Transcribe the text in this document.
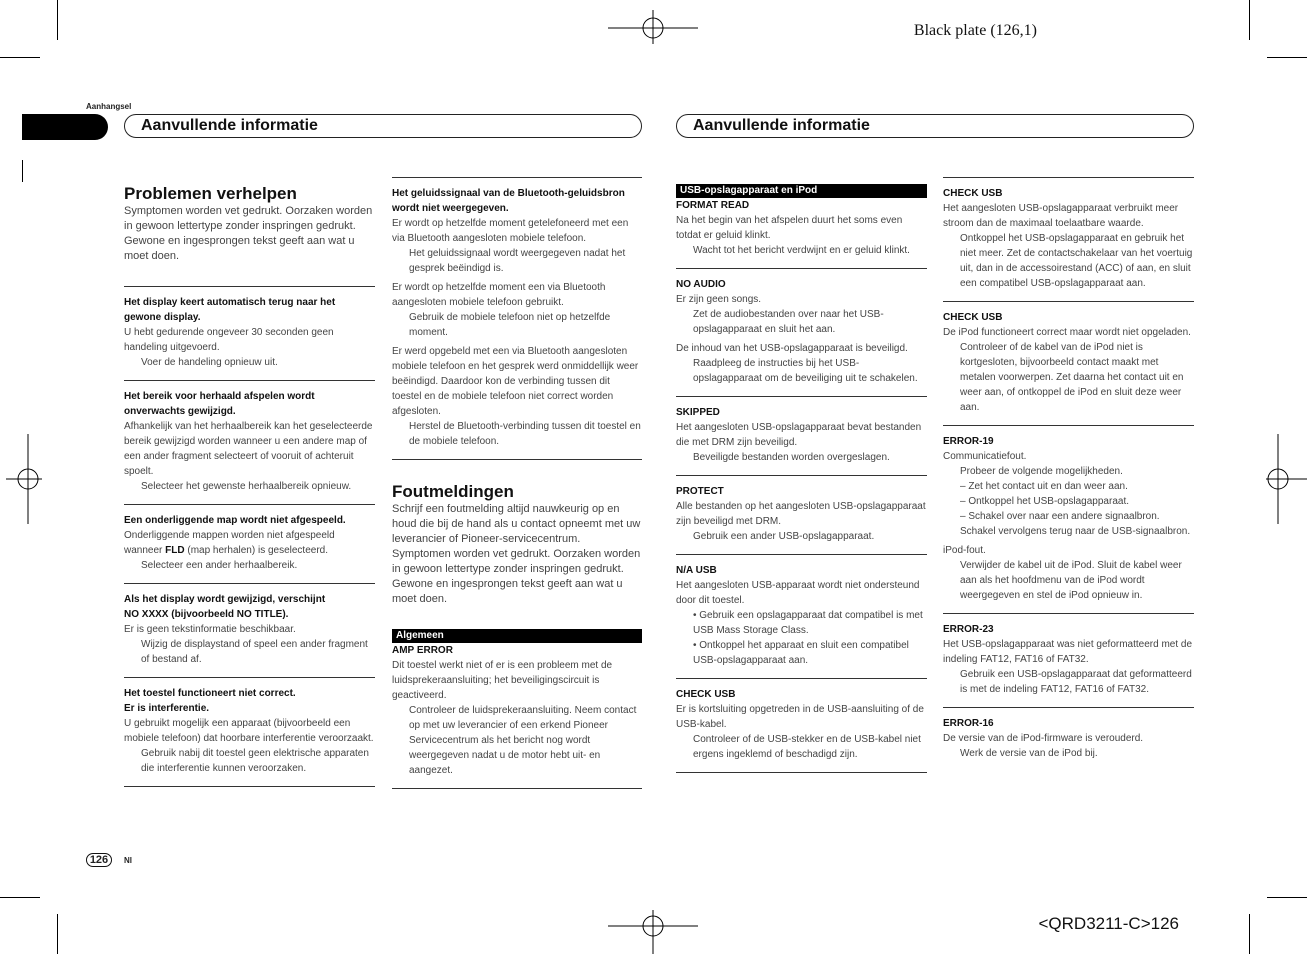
Black plate (126,1)
Aanhangsel
Aanvullende informatie	Aanvullende informatie

Problemen verhelpen

Symptomen worden vet gedrukt. Oorzaken worden in gewoon lettertype zonder inspringen gedrukt. Gewone en ingesprongen tekst geeft aan wat u moet doen.

Het display keert automatisch terug naar het gewone display.

U hebt gedurende ongeveer 30 seconden geen handeling uitgevoerd.

Voer de handeling opnieuw uit.

Het bereik voor herhaald afspelen wordt onverwachts gewijzigd.

Afhankelijk van het herhaalbereik kan het geselecteerde bereik gewijzigd worden wanneer u een andere map of een ander fragment selecteert of vooruit of achteruit spoelt.

Selecteer het gewenste herhaalbereik opnieuw.

Een onderliggende map wordt niet afgespeeld.

Onderliggende mappen worden niet afgespeeld wanneer FLD (map herhalen) is geselecteerd.

Selecteer een ander herhaalbereik.

Als het display wordt gewijzigd, verschijnt

NO XXXX (bijvoorbeeld NO TITLE).

Er is geen tekstinformatie beschikbaar.

Wijzig de displaystand of speel een ander fragment of bestand af.

Het toestel functioneert niet correct.

Er is interferentie.

U gebruikt mogelijk een apparaat (bijvoorbeeld een mobiele telefoon) dat hoorbare interferentie veroorzaakt.

Gebruik nabij dit toestel geen elektrische apparaten die interferentie kunnen veroorzaken.

Het geluidssignaal van de Bluetooth-geluidsbron wordt niet weergegeven.

Er wordt op hetzelfde moment getelefoneerd met een via Bluetooth aangesloten mobiele telefoon.

Het geluidssignaal wordt weergegeven nadat het gesprek beëindigd is.

Er wordt op hetzelfde moment een via Bluetooth aangesloten mobiele telefoon gebruikt.

Gebruik de mobiele telefoon niet op hetzelfde moment.

Er werd opgebeld met een via Bluetooth aangesloten mobiele telefoon en het gesprek werd onmiddellijk weer beëindigd. Daardoor kon de verbinding tussen dit toestel en de mobiele telefoon niet correct worden afgesloten.

Herstel de Bluetooth-verbinding tussen dit toestel en de mobiele telefoon.

Foutmeldingen

Schrijf een foutmelding altijd nauwkeurig op en houd die bij de hand als u contact opneemt met uw leverancier of Pioneer-servicecentrum. Symptomen worden vet gedrukt. Oorzaken worden in gewoon lettertype zonder inspringen gedrukt. Gewone en ingesprongen tekst geeft aan wat u moet doen.

Algemeen

AMP ERROR

Dit toestel werkt niet of er is een probleem met de luidsprekeraansluiting; het beveiligingscircuit is geactiveerd.

Controleer de luidsprekeraansluiting. Neem contact op met uw leverancier of een erkend Pioneer Servicecentrum als het bericht nog wordt weergegeven nadat u de motor hebt uit- en aangezet.

USB-opslagapparaat en iPod

FORMAT READ

Na het begin van het afspelen duurt het soms even totdat er geluid klinkt.

Wacht tot het bericht verdwijnt en er geluid klinkt.

NO AUDIO

Er zijn geen songs.

Zet de audiobestanden over naar het USB-opslagapparaat en sluit het aan.

De inhoud van het USB-opslagapparaat is beveiligd.

Raadpleeg de instructies bij het USB-opslagapparaat om de beveiliging uit te schakelen.

SKIPPED

Het aangesloten USB-opslagapparaat bevat bestanden die met DRM zijn beveiligd.

Beveiligde bestanden worden overgeslagen.

PROTECT

Alle bestanden op het aangesloten USB-opslagapparaat zijn beveiligd met DRM.

Gebruik een ander USB-opslagapparaat.

N/A USB

Het aangesloten USB-apparaat wordt niet ondersteund door dit toestel.

• Gebruik een opslagapparaat dat compatibel is met USB Mass Storage Class.

• Ontkoppel het apparaat en sluit een compatibel USB-opslagapparaat aan.

CHECK USB

Er is kortsluiting opgetreden in de USB-aansluiting of de USB-kabel.

Controleer of de USB-stekker en de USB-kabel niet ergens ingeklemd of beschadigd zijn.

CHECK USB

Het aangesloten USB-opslagapparaat verbruikt meer stroom dan de maximaal toelaatbare waarde.

Ontkoppel het USB-opslagapparaat en gebruik het niet meer. Zet de contactschakelaar van het voertuig uit, dan in de accessoirestand (ACC) of aan, en sluit een compatibel USB-opslagapparaat aan.

CHECK USB

De iPod functioneert correct maar wordt niet opgeladen.

Controleer of de kabel van de iPod niet is kortgesloten, bijvoorbeeld contact maakt met metalen voorwerpen. Zet daarna het contact uit en weer aan, of ontkoppel de iPod en sluit deze weer aan.

ERROR-19

Communicatiefout.

Probeer de volgende mogelijkheden.

– Zet het contact uit en dan weer aan.

– Ontkoppel het USB-opslagapparaat.

– Schakel over naar een andere signaalbron.

Schakel vervolgens terug naar de USB-signaalbron.

iPod-fout.

Verwijder de kabel uit de iPod. Sluit de kabel weer aan als het hoofdmenu van de iPod wordt weergegeven en stel de iPod opnieuw in.

ERROR-23

Het USB-opslagapparaat was niet geformatteerd met de indeling FAT12, FAT16 of FAT32.

Gebruik een USB-opslagapparaat dat geformatteerd is met de indeling FAT12, FAT16 of FAT32.

ERROR-16

De versie van de iPod-firmware is verouderd.

Werk de versie van de iPod bij.

126	Nl
<QRD3211-C>126
